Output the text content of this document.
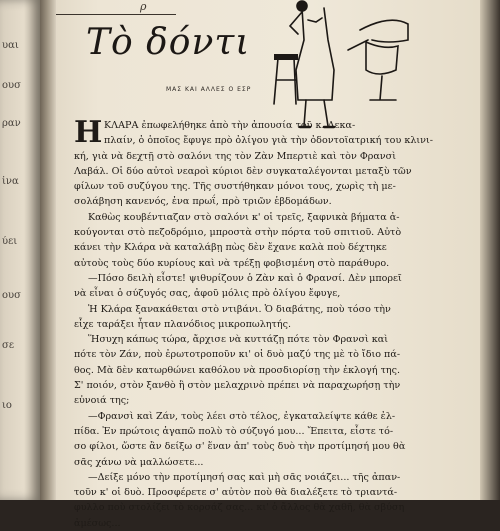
υαι
ουσ
ραν
ἱνα
ύει
ουσ
σε
ιο
ρ
Τὸ δόντι
ΜΑΣ ΚΑΙ ΑΛΛΕΣ Ο ΕΣΡ
Η ΚΛΑΡΑ ἐπωφελήθηκε ἀπὸ τὴν ἀπουσία τοῦ κ. Λεκα-
πλαίν, ὁ ὁποῖος ἔφυγε πρὸ ὀλίγου γιὰ τὴν ὀδοντοϊατρική του κλινι-
κή, γιὰ νὰ δεχτῇ στὸ σαλόνι της τὸν Ζὰν Μπερτιὲ καὶ τὸν Φρανσὶ
Λαβάλ. Οἱ δύο αὐτοὶ νεαροὶ κύριοι δὲν συγκαταλέγονται μεταξὺ τῶν
φίλων τοῦ συζύγου της. Τῆς συστήθηκαν μόνοι τους, χωρὶς τὴ με-
σολάβηση κανενός, ἐνα πρωΐ, πρὸ τριῶν ἑβδομάδων.
Καθὼς κουβέντιαζαν στὸ σαλόνι κ' οἱ τρεῖς, ξαφνικὰ βήματα ἀ-
κούγονται στὸ πεζοδρόμιο, μπροστὰ στὴν πόρτα τοῦ σπιτιοῦ. Αὐτὸ
κάνει τὴν Κλάρα νὰ καταλάβῃ πὼς δὲν ἔχανε καλὰ ποὺ δέχτηκε
αὐτοὺς τοὺς δύο κυρίους καὶ νὰ τρέξῃ φοβισμένη στὸ παράθυρο.
—Πόσο δειλὴ εἶστε! ψιθυρίζουν ὁ Ζὰν καὶ ὁ Φρανσί. Δὲν μπορεῖ
νὰ εἶναι ὁ σύζυγός σας, ἀφοῦ μόλις πρὸ ὀλίγου ἔφυγε,
Ἡ Κλάρα ξανακάθεται στὸ ντιβάνι. Ὁ διαβάτης, ποὺ τόσο τὴν
εἶχε ταράξει ἦταν πλανόδιος μικροπωλητής.
Ἥσυχη κάπως τώρα, ἄρχισε νὰ κυττάζῃ πότε τὸν Φρανσὶ καὶ
πότε τὸν Ζάν, ποὺ ἐρωτοτροποῦν κι' οἱ δυὸ μαζύ της μὲ τὸ ἴδιο πά-
θος. Μὰ δὲν κατωρθώνει καθόλου νὰ προσδιορίσῃ τὴν ἐκλογή της.
Σ' ποιόν, στὸν ξανθὸ ἢ στὸν μελαχρινὸ πρέπει νὰ παραχωρήσῃ τὴν
εὐνοιά της;
—Φρανσὶ καὶ Ζάν, τοὺς λέει στὸ τέλος, ἐγκαταλείψτε κάθε ἐλ-
πίδα. Ἐν πρώτοις ἀγαπῶ πολὺ τὸ σύζυγό μου... Ἔπειτα, εἶστε τό-
σο φίλοι, ὥστε ἂν δείξω σ' ἕναν ἀπ' τοὺς δυὸ τὴν προτίμησή μου θὰ
σᾶς χάνω νὰ μαλλώσετε...
—Δείξε μόνο τὴν προτίμησή σας καὶ μὴ σᾶς νοιάζει... τῆς ἀπαν-
τοῦν κ' οἱ δυὸ. Προσφέρετε σ' αὐτὸν ποὺ θὰ διαλέξετε τὸ τριαντά-
φυλλο ποὺ στολίζει τὸ κορσάζ σας... κι' ὁ ἄλλος θὰ χαθῆ, θὰ σβύση
ἀμέσως...
